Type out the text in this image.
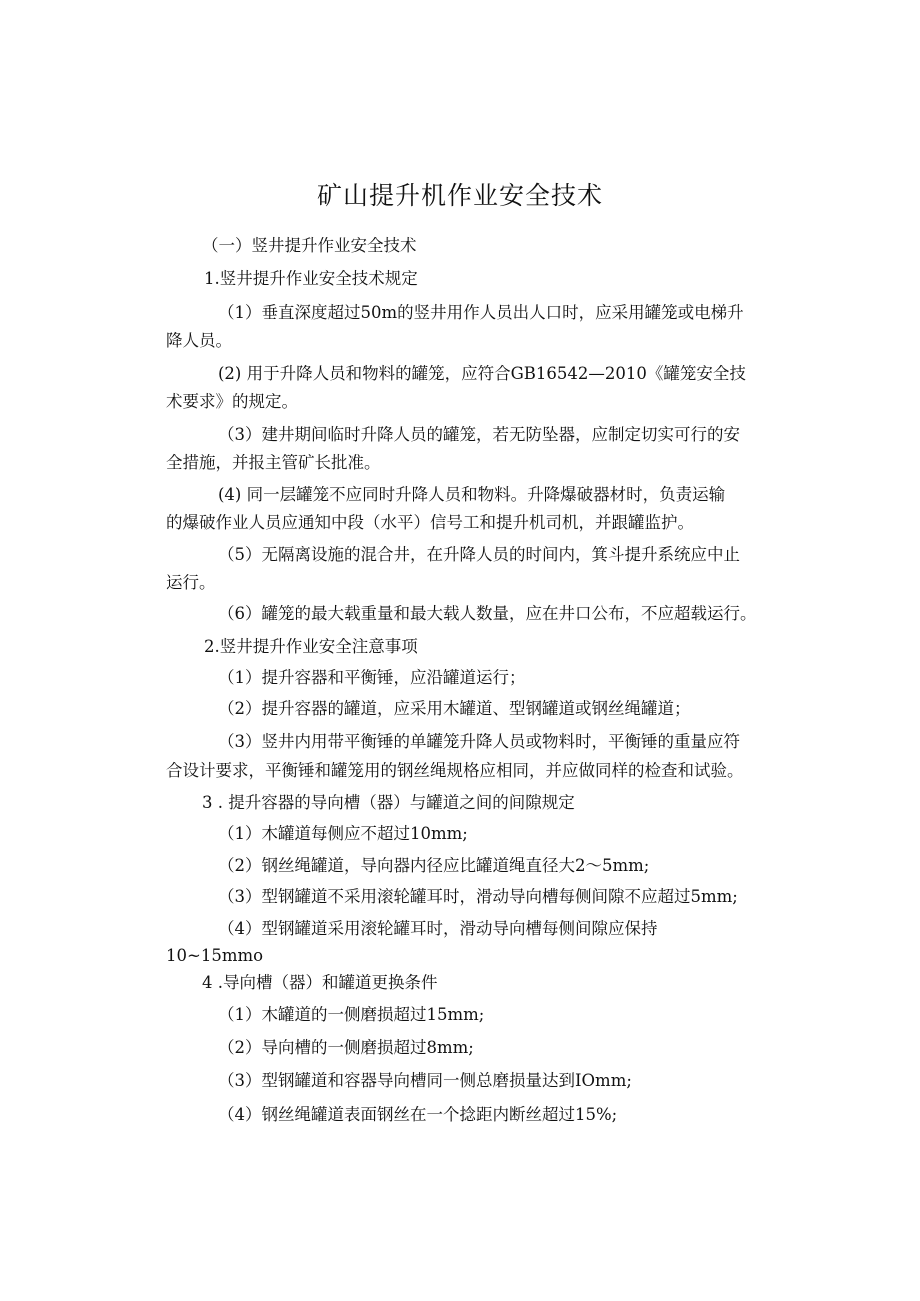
矿山提升机作业安全技术
（一）竖井提升作业安全技术
1.竖井提升作业安全技术规定
（1）垂直深度超过50m的竖井用作人员出人口时，应采用罐笼或电梯升
降人员。
(2) 用于升降人员和物料的罐笼，应符合GB16542—2010《罐笼安全技
术要求》的规定。
（3）建井期间临时升降人员的罐笼，若无防坠器，应制定切实可行的安
全措施，并报主管矿长批准。
(4) 同一层罐笼不应同时升降人员和物料。升降爆破器材时，负责运输
的爆破作业人员应通知中段（水平）信号工和提升机司机，并跟罐监护。
（5）无隔离设施的混合井，在升降人员的时间内，箕斗提升系统应中止
运行。
（6）罐笼的最大载重量和最大载人数量，应在井口公布，不应超载运行。
2.竖井提升作业安全注意事项
（1）提升容器和平衡锤，应沿罐道运行；
（2）提升容器的罐道，应采用木罐道、型钢罐道或钢丝绳罐道；
（3）竖井内用带平衡锤的单罐笼升降人员或物料时，平衡锤的重量应符
合设计要求，平衡锤和罐笼用的钢丝绳规格应相同，并应做同样的检查和试验。
3 . 提升容器的导向槽（器）与罐道之间的间隙规定
（1）木罐道每侧应不超过10mm;
（2）钢丝绳罐道，导向器内径应比罐道绳直径大2〜5mm;
（3）型钢罐道不采用滚轮罐耳时，滑动导向槽每侧间隙不应超过5mm;
（4）型钢罐道采用滚轮罐耳时，滑动导向槽每侧间隙应保持
10~15mmo
4 .导向槽（器）和罐道更换条件
（1）木罐道的一侧磨损超过15mm;
（2）导向槽的一侧磨损超过8mm;
（3）型钢罐道和容器导向槽同一侧总磨损量达到IOmm;
（4）钢丝绳罐道表面钢丝在一个捻距内断丝超过15%;
